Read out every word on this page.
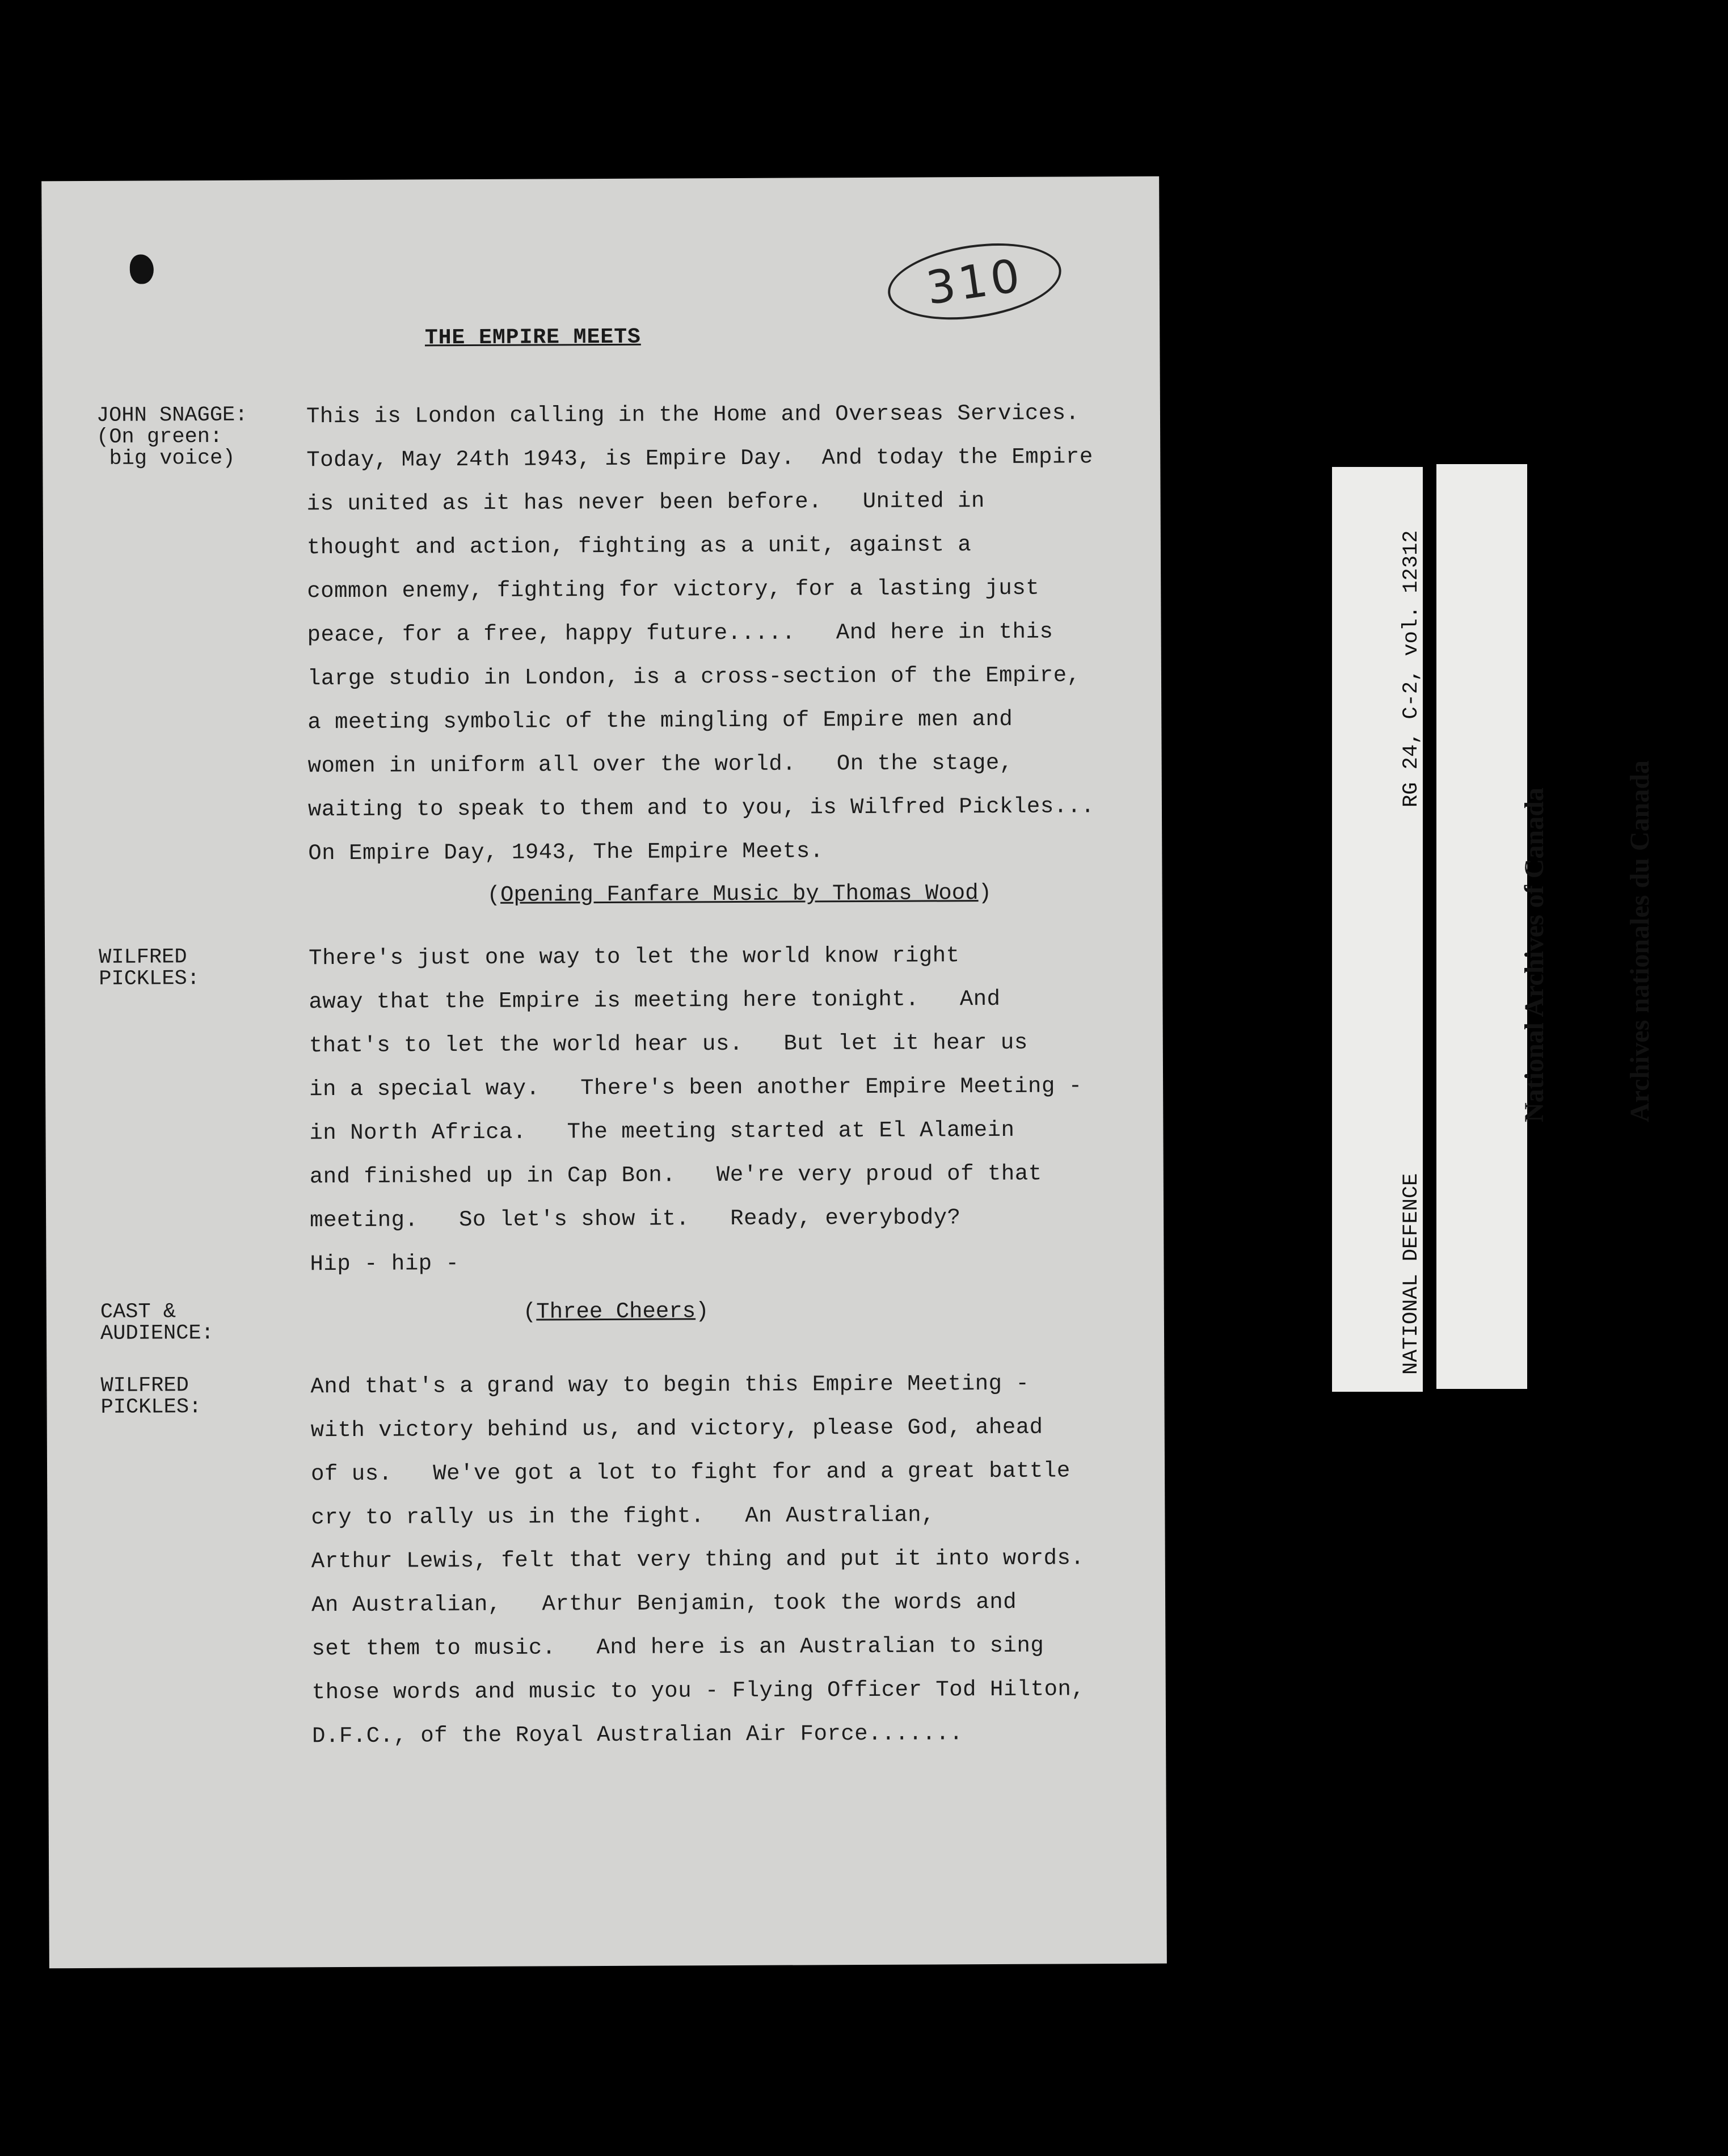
310
THE EMPIRE MEETS
JOHN SNAGGE:
(On green:
big voice)
WILFRED
PICKLES:
CAST &
AUDIENCE:
WILFRED
PICKLES:
This is London calling in the Home and Overseas Services.
Today, May 24th 1943, is Empire Day.  And today the Empire
is united as it has never been before.   United in
thought and action, fighting as a unit, against a
common enemy, fighting for victory, for a lasting just
peace, for a free, happy future.....   And here in this
large studio in London, is a cross-section of the Empire,
a meeting symbolic of the mingling of Empire men and
women in uniform all over the world.   On the stage,
waiting to speak to them and to you, is Wilfred Pickles...
On Empire Day, 1943, The Empire Meets.
(Opening Fanfare Music by Thomas Wood)
There's just one way to let the world know right
away that the Empire is meeting here tonight.   And
that's to let the world hear us.   But let it hear us
in a special way.   There's been another Empire Meeting -
in North Africa.   The meeting started at El Alamein
and finished up in Cap Bon.   We're very proud of that
meeting.   So let's show it.   Ready, everybody?
Hip - hip -
(Three Cheers)
And that's a grand way to begin this Empire Meeting -
with victory behind us, and victory, please God, ahead
of us.   We've got a lot to fight for and a great battle
cry to rally us in the fight.   An Australian,
Arthur Lewis, felt that very thing and put it into words.
An Australian,   Arthur Benjamin, took the words and
set them to music.   And here is an Australian to sing
those words and music to you - Flying Officer Tod Hilton,
D.F.C., of the Royal Australian Air Force.......

RG 24, C-2, vol. 12312

NATIONAL DEFENCE

National Archives of Canada

	Archives nationales du Canada
